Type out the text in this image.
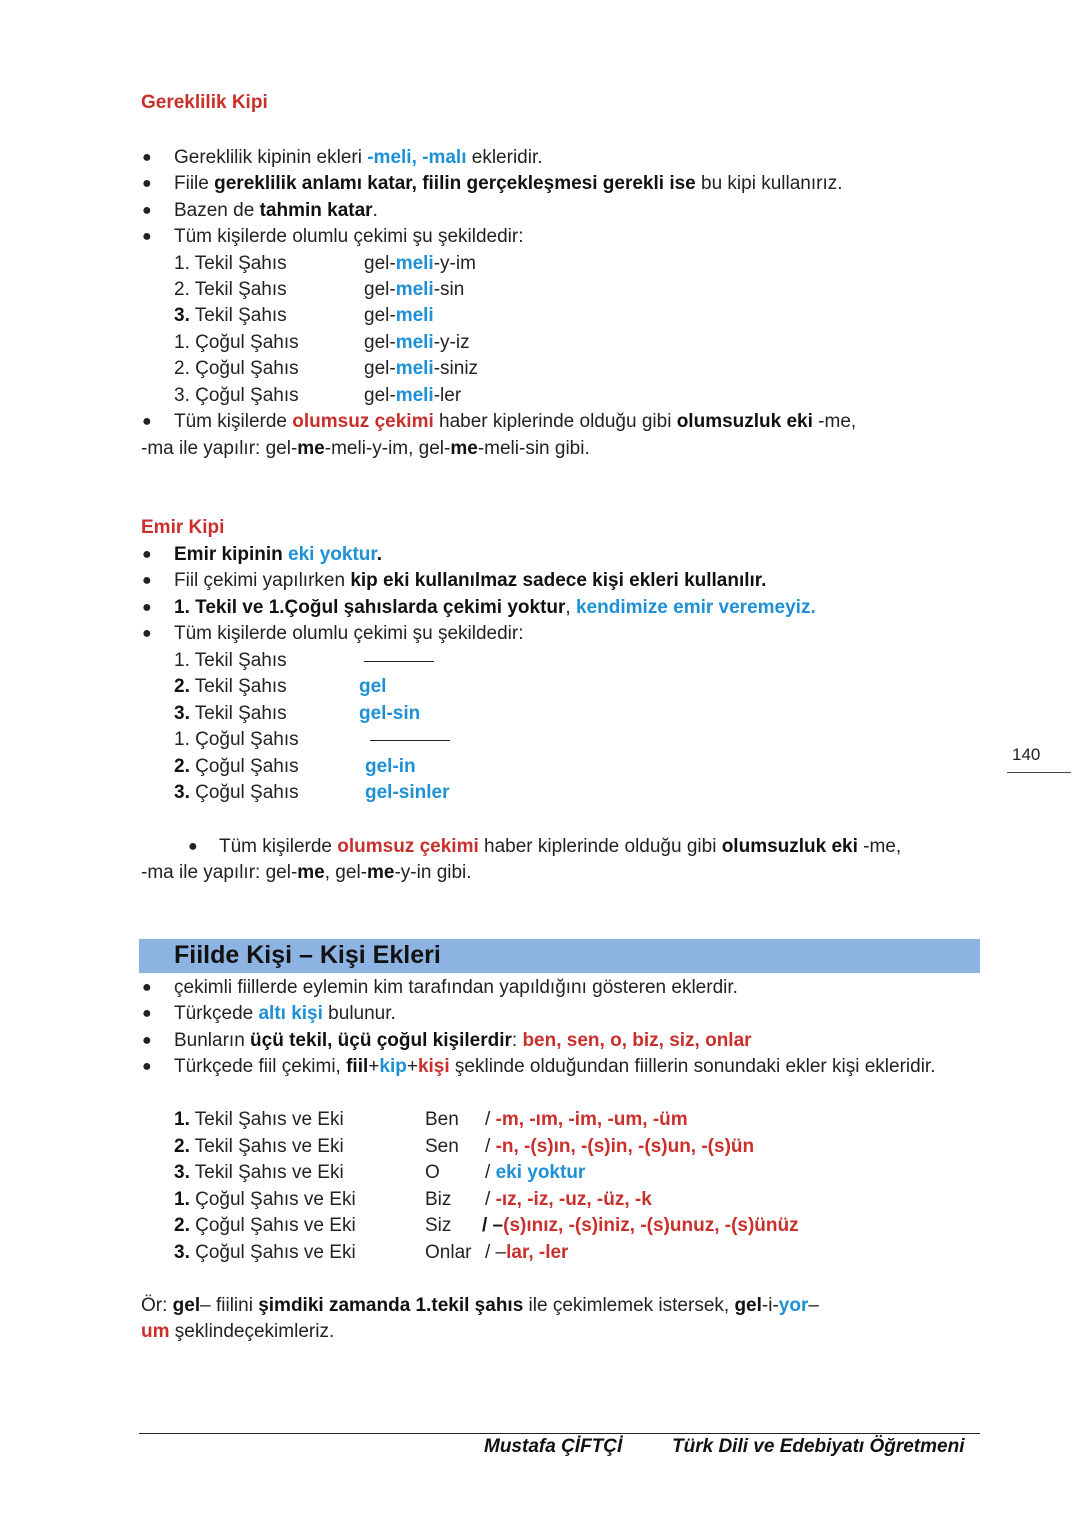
Gereklilik Kipi
● Gereklilik kipinin ekleri -meli, -malı ekleridir.
● Fiile gereklilik anlamı katar, fiilin gerçekleşmesi gerekli ise bu kipi kullanırız.
● Bazen de tahmin katar.
● Tüm kişilerde olumlu çekimi şu şekildedir:
1. Tekil Şahıs	gel-meli-y-im
2. Tekil Şahıs	gel-meli-sin
3. Tekil Şahıs	gel-meli
1. Çoğul Şahıs	gel-meli-y-iz
2. Çoğul Şahıs	gel-meli-siniz
3. Çoğul Şahıs	gel-meli-ler
● Tüm kişilerde olumsuz çekimi haber kiplerinde olduğu gibi olumsuzluk eki -me,
-ma ile yapılır: gel-me-meli-y-im, gel-me-meli-sin gibi.
Emir Kipi
● Emir kipinin eki yoktur.
● Fiil çekimi yapılırken kip eki kullanılmaz sadece kişi ekleri kullanılır.
● 1. Tekil ve 1.Çoğul şahıslarda çekimi yoktur, kendimize emir veremeyiz.
● Tüm kişilerde olumlu çekimi şu şekildedir:
1. Tekil Şahıs
2. Tekil Şahıs	gel
3. Tekil Şahıs	gel-sin
1. Çoğul Şahıs
2. Çoğul Şahıs	gel-in
3. Çoğul Şahıs	gel-sinler
● Tüm kişilerde olumsuz çekimi haber kiplerinde olduğu gibi olumsuzluk eki -me,
-ma ile yapılır: gel-me, gel-me-y-in gibi.
140
Fiilde Kişi – Kişi Ekleri
● çekimli fiillerde eylemin kim tarafından yapıldığını gösteren eklerdir.
● Türkçede altı kişi bulunur.
● Bunların üçü tekil, üçü çoğul kişilerdir: ben, sen, o, biz, siz, onlar
● Türkçede fiil çekimi, fiil+kip+kişi şeklinde olduğundan fiillerin sonundaki ekler kişi ekleridir.
1. Tekil Şahıs ve Eki	Ben / -m, -ım, -im, -um, -üm
2. Tekil Şahıs ve Eki	Sen / -n, -(s)ın, -(s)in, -(s)un, -(s)ün
3. Tekil Şahıs ve Eki	O / eki yoktur
1. Çoğul Şahıs ve Eki	Biz / -ız, -iz, -uz, -üz, -k
2. Çoğul Şahıs ve Eki	Siz / –(s)ınız, -(s)iniz, -(s)unuz, -(s)ünüz
3. Çoğul Şahıs ve Eki	Onlar / –lar, -ler
Ör: gel– fiilini şimdiki zamanda 1.tekil şahıs ile çekimlemek istersek, gel-i-yor–
um şeklindeçekimleriz.
Mustafa ÇİFTÇİ	Türk Dili ve Edebiyatı Öğretmeni
